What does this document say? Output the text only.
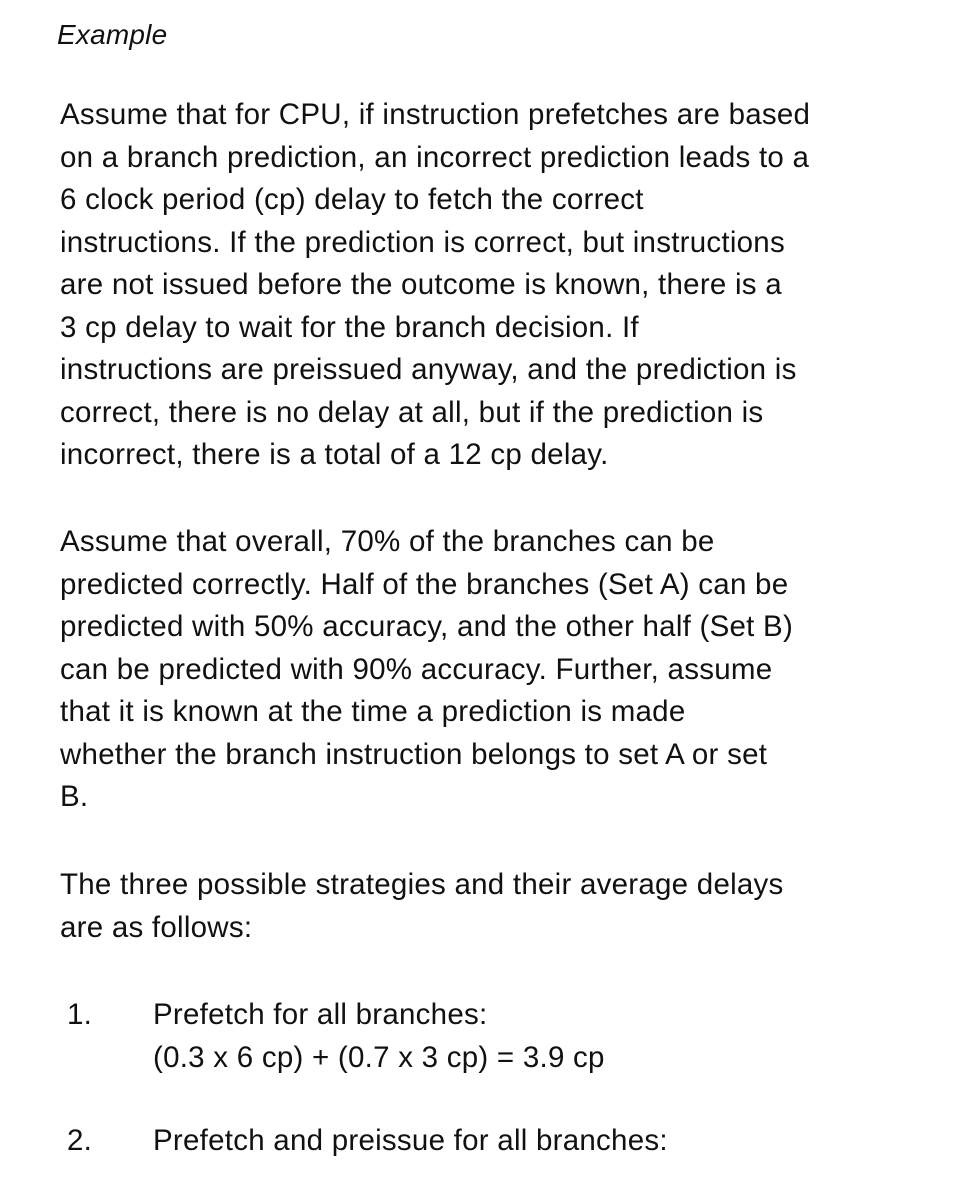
Example
Assume that for CPU, if instruction prefetches are based
on a branch prediction, an incorrect prediction leads to a
6 clock period (cp) delay to fetch the correct
instructions. If the prediction is correct, but instructions
are not issued before the outcome is known, there is a
3 cp delay to wait for the branch decision. If
instructions are preissued anyway, and the prediction is
correct, there is no delay at all, but if the prediction is
incorrect, there is a total of a 12 cp delay.
Assume that overall, 70% of the branches can be
predicted correctly. Half of the branches (Set A) can be
predicted with 50% accuracy, and the other half (Set B)
can be predicted with 90% accuracy. Further, assume
that it is known at the time a prediction is made
whether the branch instruction belongs to set A or set
B.
The three possible strategies and their average delays
are as follows:
1. Prefetch for all branches:
(0.3 x 6 cp) + (0.7 x 3 cp) = 3.9 cp
2. Prefetch and preissue for all branches:
